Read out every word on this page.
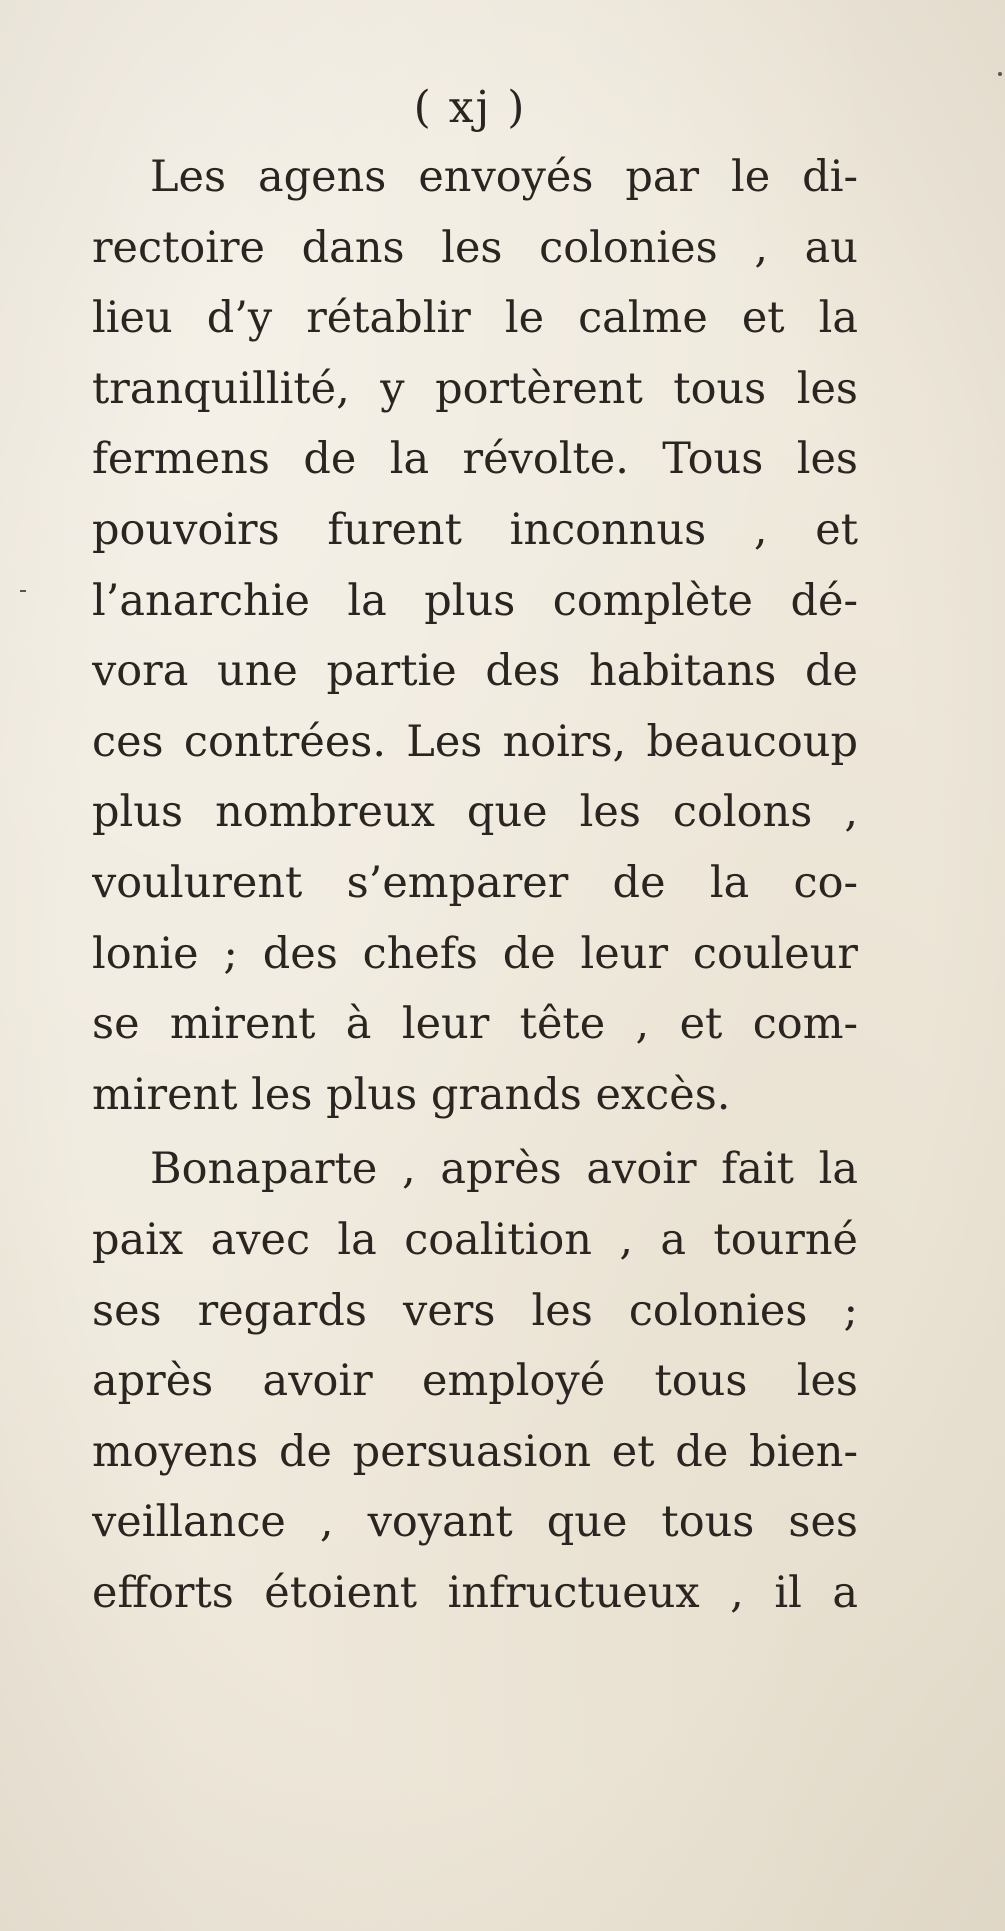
( xj )
Les agens envoyés par le di-
rectoire dans les colonies , au
lieu d’y rétablir le calme et la
tranquillité, y portèrent tous les
fermens de la révolte. Tous les
pouvoirs furent inconnus , et
l’anarchie la plus complète dé-
vora une partie des habitans de
ces contrées. Les noirs, beaucoup
plus nombreux que les colons ,
voulurent s’emparer de la co-
lonie ; des chefs de leur couleur
se mirent à leur tête , et com-
mirent les plus grands excès.
Bonaparte , après avoir fait la
paix avec la coalition , a tourné
ses regards vers les colonies ;
après avoir employé tous les
moyens de persuasion et de bien-
veillance , voyant que tous ses
efforts étoient infructueux , il a
